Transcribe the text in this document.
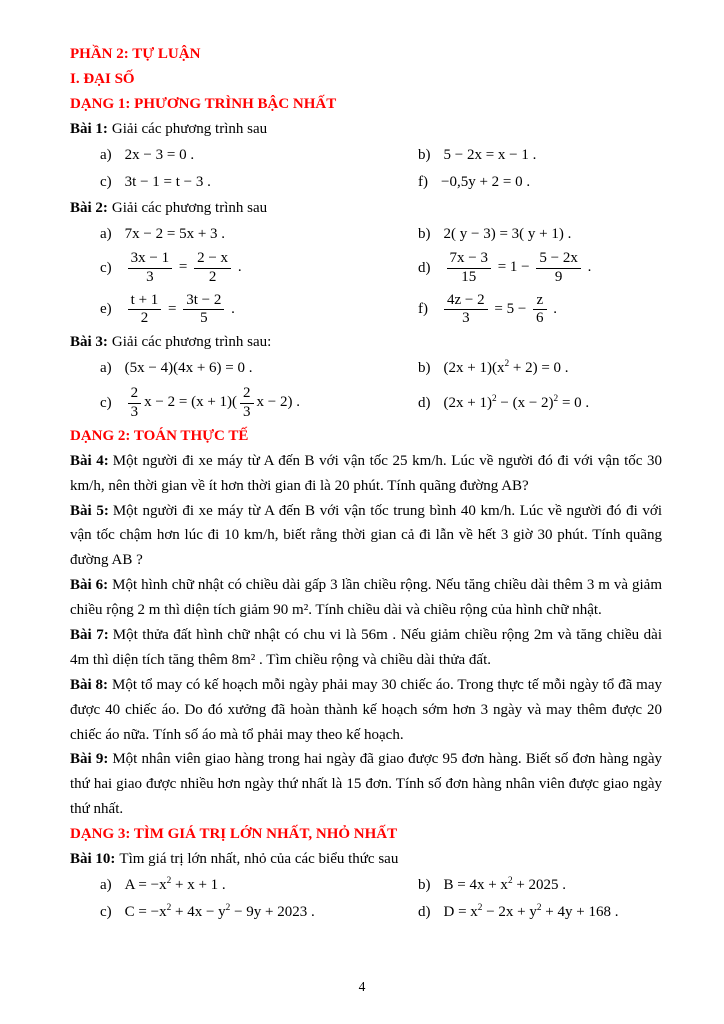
PHẦN 2: TỰ LUẬN
I. ĐẠI SỐ
DẠNG 1: PHƯƠNG TRÌNH BẬC NHẤT

Bài 1: Giải các phương trình sau

a) 2x − 3 = 0 .	b) 5 − 2x = x − 1 .
c) 3t − 1 = t − 3 .	f) −0,5y + 2 = 0 .

Bài 2: Giải các phương trình sau

a) 7x − 2 = 5x + 3 .	b) 2( y − 3) = 3( y + 1) .
$c) \frac{3x - 1}{3} = \frac{2 - x}{2}$ .	$d) \frac{7x - 3}{15} = 1 - \frac{5 - 2x}{9}$ .
$e) \frac{t + 1}{2} = \frac{3t - 2}{5}$ .	$f) \frac{4z - 2}{3} = 5 - \frac{z}{6}$ .

Bài 3: Giải các phương trình sau:

a) (5x − 4)(4x + 6) = 0 .	b) $(2x + 1)(x^2 + 2) = 0$ .
$c) \frac{2}{3}$ $x - 2 = (x + 1)( \frac{2}{3}$ x − 2) .	d) $(2x + 1)^2 - (x - 2)^2 = 0$ .
DẠNG 2: TOÁN THỰC TẾ

Bài 4: Một người đi xe máy từ A đến B với vận tốc 25 km/h. Lúc về người đó đi với vận tốc 30 km/h, nên thời gian về ít hơn thời gian đi là 20 phút. Tính quãng đường AB?

Bài 5: Một người đi xe máy từ A đến B với vận tốc trung bình 40 km/h. Lúc về người đó đi với vận tốc chậm hơn lúc đi 10 km/h, biết rằng thời gian cả đi lẫn về hết 3 giờ 30 phút. Tính quãng đường AB ?

Bài 6: Một hình chữ nhật có chiều dài gấp 3 lần chiều rộng. Nếu tăng chiều dài thêm 3 m và giảm chiều rộng 2 m thì diện tích giảm 90 m². Tính chiều dài và chiều rộng của hình chữ nhật.

Bài 7: Một thửa đất hình chữ nhật có chu vi là 56m . Nếu giảm chiều rộng 2m và tăng chiều dài 4m thì diện tích tăng thêm 8m² . Tìm chiều rộng và chiều dài thửa đất.

Bài 8: Một tổ may có kế hoạch mỗi ngày phải may 30 chiếc áo. Trong thực tế mỗi ngày tổ đã may được 40 chiếc áo. Do đó xưởng đã hoàn thành kế hoạch sớm hơn 3 ngày và may thêm được 20 chiếc áo nữa. Tính số áo mà tổ phải may theo kế hoạch.

Bài 9: Một nhân viên giao hàng trong hai ngày đã giao được 95 đơn hàng. Biết số đơn hàng ngày thứ hai giao được nhiều hơn ngày thứ nhất là 15 đơn. Tính số đơn hàng nhân viên được giao ngày thứ nhất.

DẠNG 3: TÌM GIÁ TRỊ LỚN NHẤT, NHỎ NHẤT

Bài 10: Tìm giá trị lớn nhất, nhỏ của các biểu thức sau

a) $A = -x^2 + x + 1$ .	b) $B = 4x + x^2 + 2025$ .
c) $C = -x^2 + 4x - y^2 - 9y + 2023$ .	d) $D = x^2 - 2x + y^2 + 4y + 168$ .
4
